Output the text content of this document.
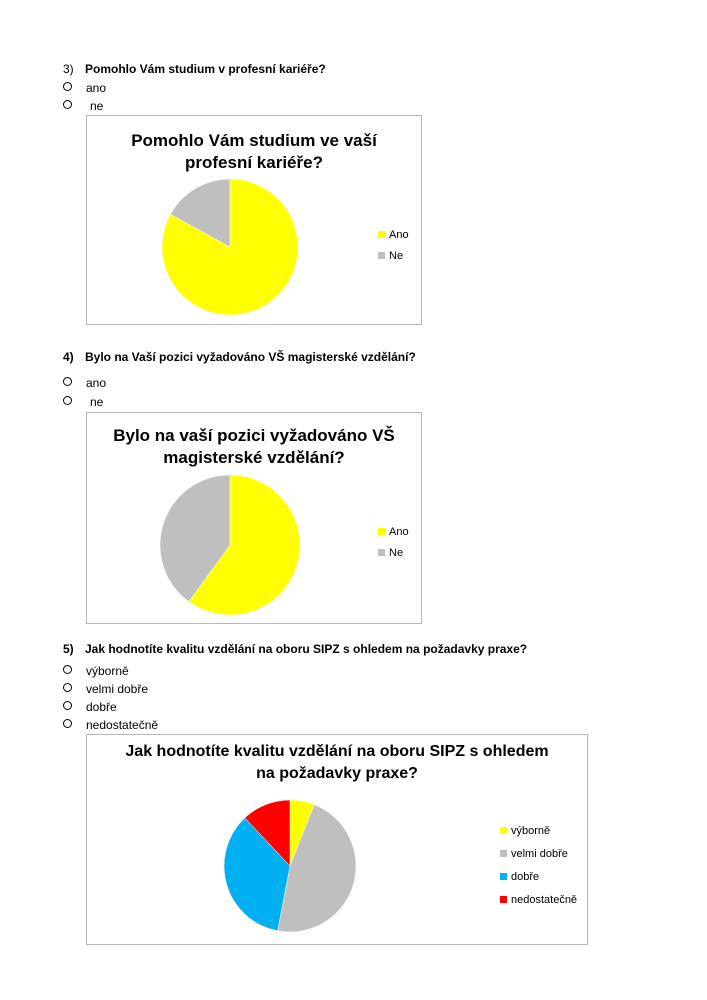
3) Pomohlo Vám studium v profesní kariéře?
ano
ne
Pomohlo Vám studium ve vaší
profesní kariéře?
Ano
Ne
4) Bylo na Vaší pozici vyžadováno VŠ magisterské vzdělání?
ano
ne
Bylo na vaší pozici vyžadováno VŠ
magisterské vzdělání?
Ano
Ne
5) Jak hodnotíte kvalitu vzdělání na oboru SIPZ s ohledem na požadavky praxe?
výborně
velmi dobře
dobře
nedostatečně
Jak hodnotíte kvalitu vzdělání na oboru SIPZ s ohledem
na požadavky praxe?
výborně
velmi dobře
dobře
nedostatečně
